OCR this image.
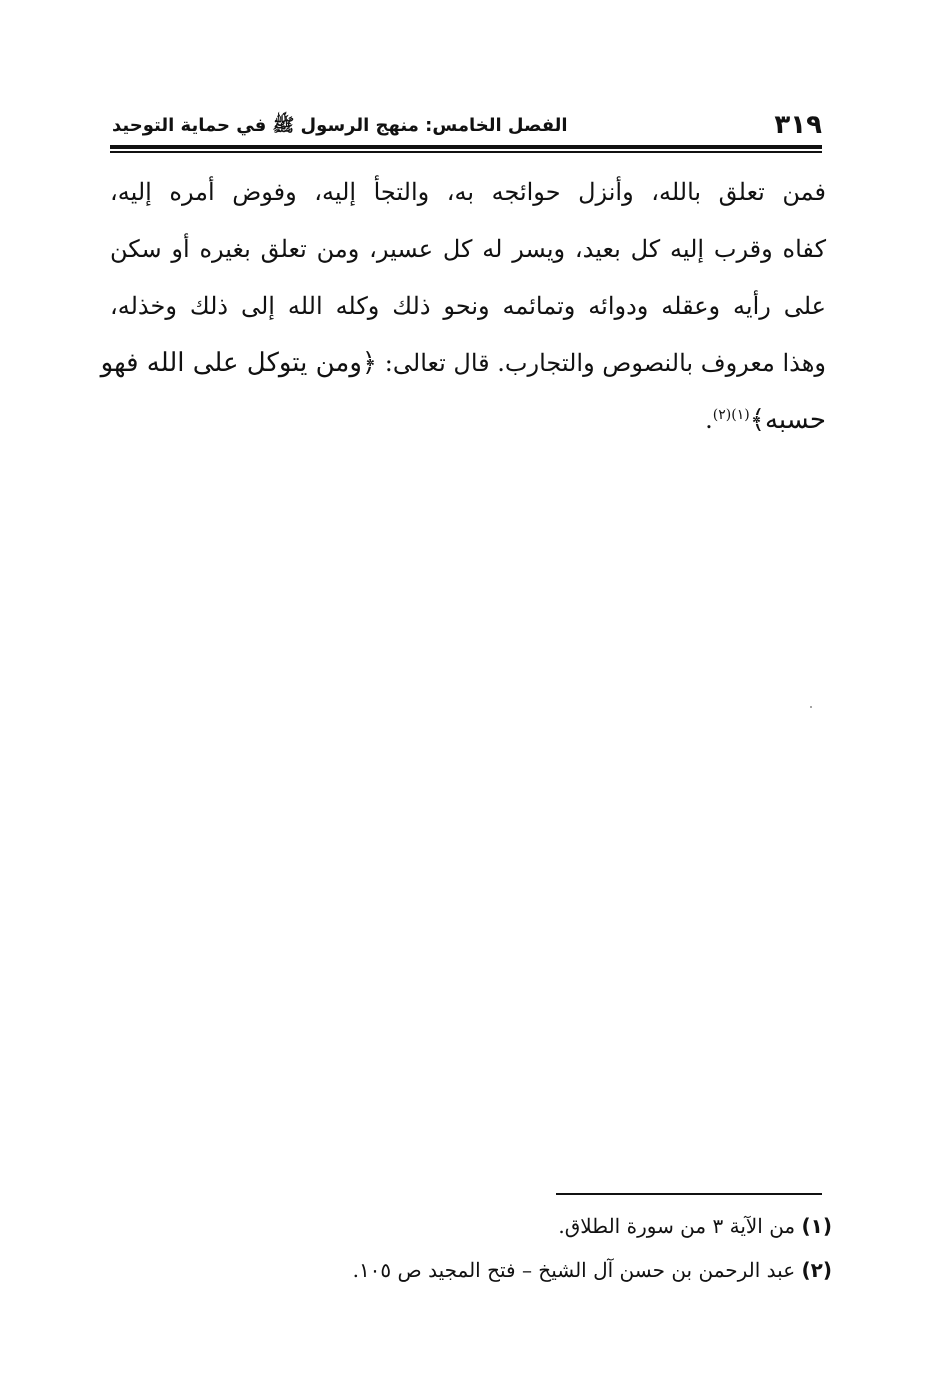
٣١٩
الفصل الخامس: منهج الرسول ﷺ في حماية التوحيد
فمن تعلق بالله، وأنزل حوائجه به، والتجأ إليه، وفوض أمره إليه،
كفاه وقرب إليه كل بعيد، ويسر له كل عسير، ومن تعلق بغيره أو سكن
على رأيه وعقله ودوائه وتمائمه ونحو ذلك وكله الله إلى ذلك وخذله،
وهذا معروف بالنصوص والتجارب. قال تعالى: ﴿ومن يتوكل على الله فهو
حسبه﴾$^{(١)(٢)}$.
(١) من الآية ٣ من سورة الطلاق.
(٢) عبد الرحمن بن حسن آل الشيخ – فتح المجيد ص ١٠٥.
